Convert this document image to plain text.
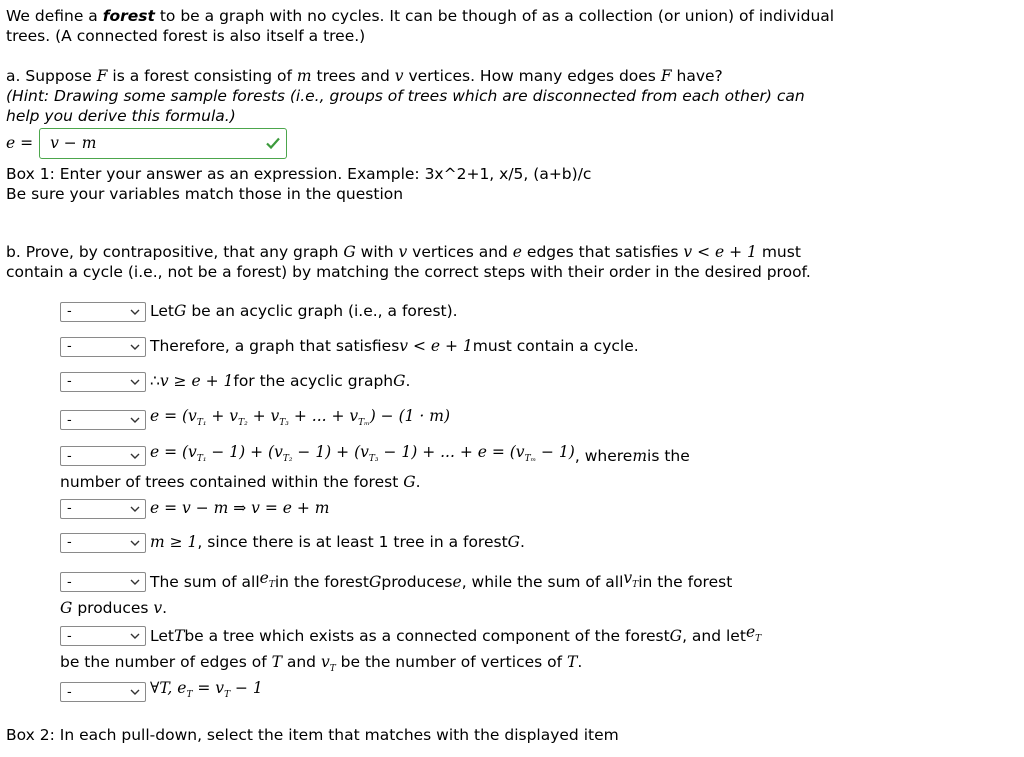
We define a forest to be a graph with no cycles. It can be though of as a collection (or union) of individual
trees. (A connected forest is also itself a tree.)
a. Suppose F is a forest consisting of m trees and v vertices. How many edges does F have?
(Hint: Drawing some sample forests (i.e., groups of trees which are disconnected from each other) can
help you derive this formula.)
e = v − m
Box 1: Enter your answer as an expression. Example: 3x^2+1, x/5, (a+b)/c
Be sure your variables match those in the question
b. Prove, by contrapositive, that any graph G with v vertices and e edges that satisfies v < e + 1 must
contain a cycle (i.e., not be a forest) by matching the correct steps with their order in the desired proof.
-	Let G
be an acyclic graph (i.e., a forest).
-	Therefore, a graph that satisfies v < e + 1 must contain a cycle.
-	∴ v ≥ e + 1 for the acyclic graph G .
-	$e = (v_{T_1} + v_{T_2} + v_{T_3}$ + ... + $v_{T_m}) - (1 \cdot m)$
-	$e = (v_{T_1} - 1) + (v_{T_2} - 1) + (v_{T_3} - 1)$ + ... + $e = (v_{T_m} - 1)$ , where m is the
number of trees contained within the forest G.
-	e = v − m ⇒ v = e + m
-	m ≥ 1 , since there is at least 1 tree in a forest G .
-	The sum of all $e_T$ in the forest G produces e , while the sum of all $v_T$ in the forest
G produces v.
-	Let T be a tree which exists as a connected component of the forest G , and let $e_T$
be the number of edges of T and $v_T$ be the number of vertices of T.
-	∀T, $e_T = v_T - 1$
Box 2: In each pull-down, select the item that matches with the displayed item
